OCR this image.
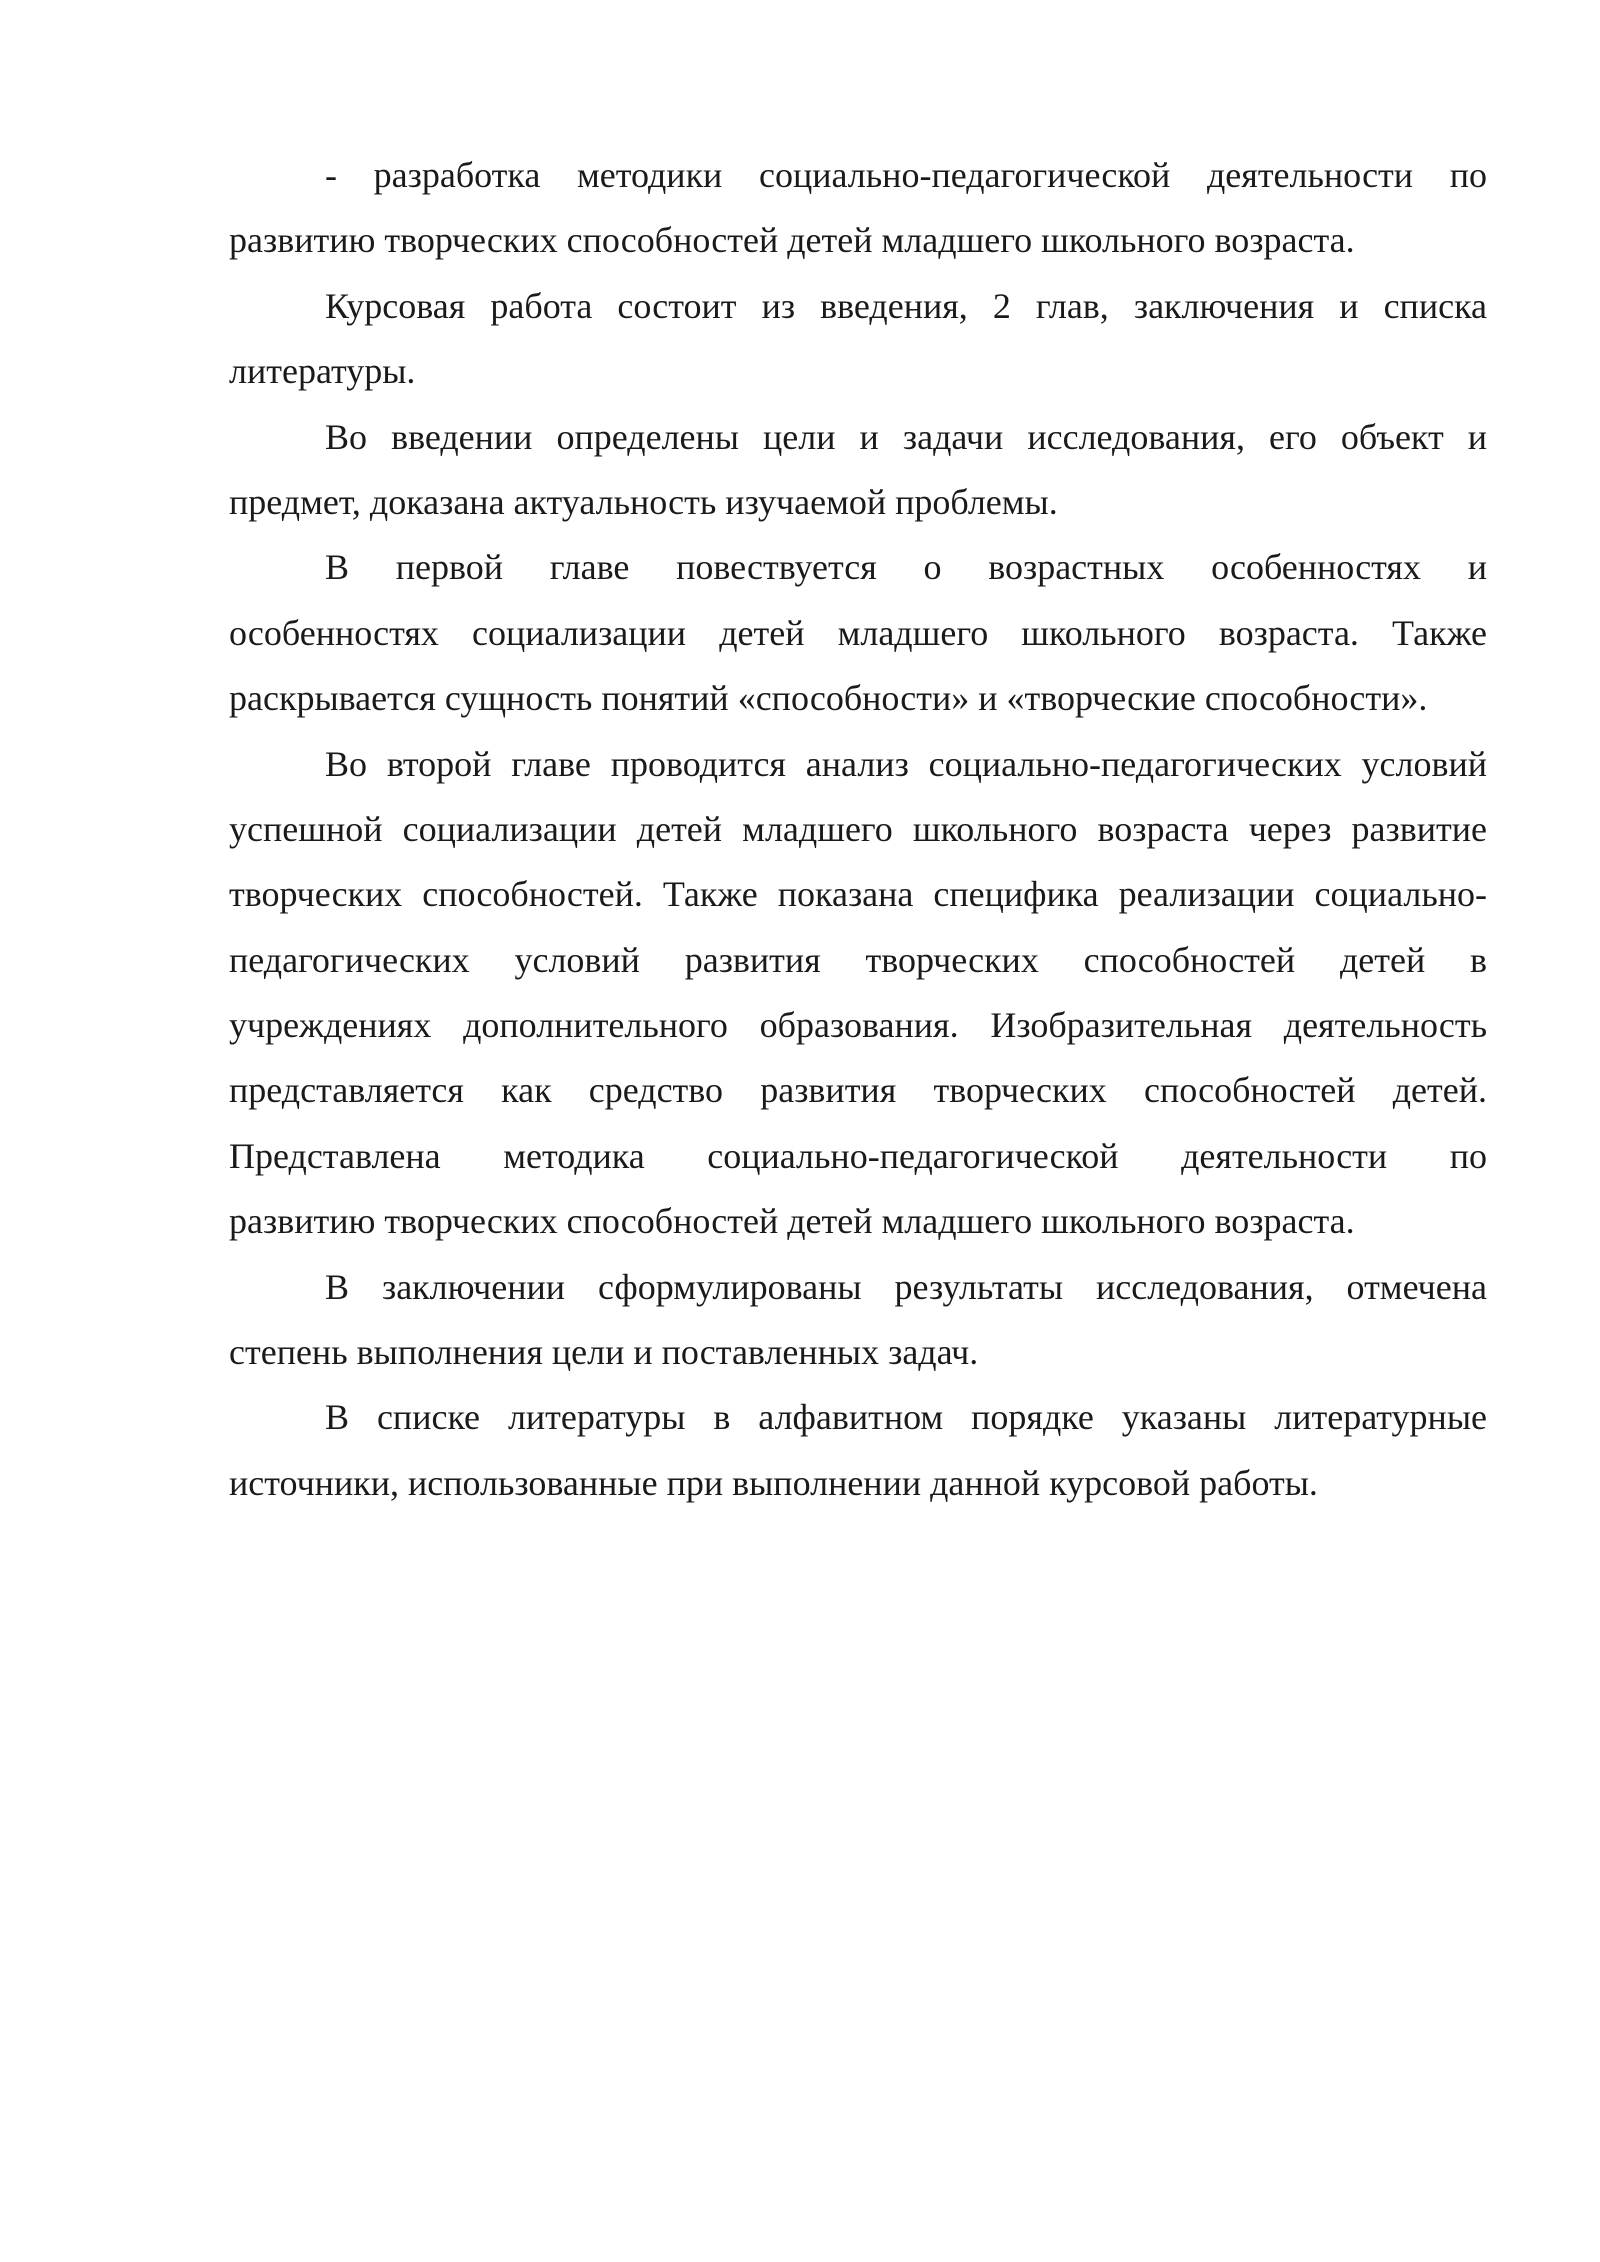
- разработка методики социально-педагогической деятельности по
развитию творческих способностей детей младшего школьного возраста.
Курсовая работа состоит из введения, 2 глав, заключения и списка
литературы.
Во введении определены цели и задачи исследования, его объект и
предмет, доказана актуальность изучаемой проблемы.
В первой главе повествуется о возрастных особенностях и
особенностях социализации детей младшего школьного возраста. Также
раскрывается сущность понятий «способности» и «творческие способности».
Во второй главе проводится анализ социально-педагогических условий
успешной социализации детей младшего школьного возраста через развитие
творческих способностей. Также показана специфика реализации социально-
педагогических условий развития творческих способностей детей в
учреждениях дополнительного образования. Изобразительная деятельность
представляется как средство развития творческих способностей детей.
Представлена методика социально-педагогической деятельности по
развитию творческих способностей детей младшего школьного возраста.
В заключении сформулированы результаты исследования, отмечена
степень выполнения цели и поставленных задач.
В списке литературы в алфавитном порядке указаны литературные
источники, использованные при выполнении данной курсовой работы.
